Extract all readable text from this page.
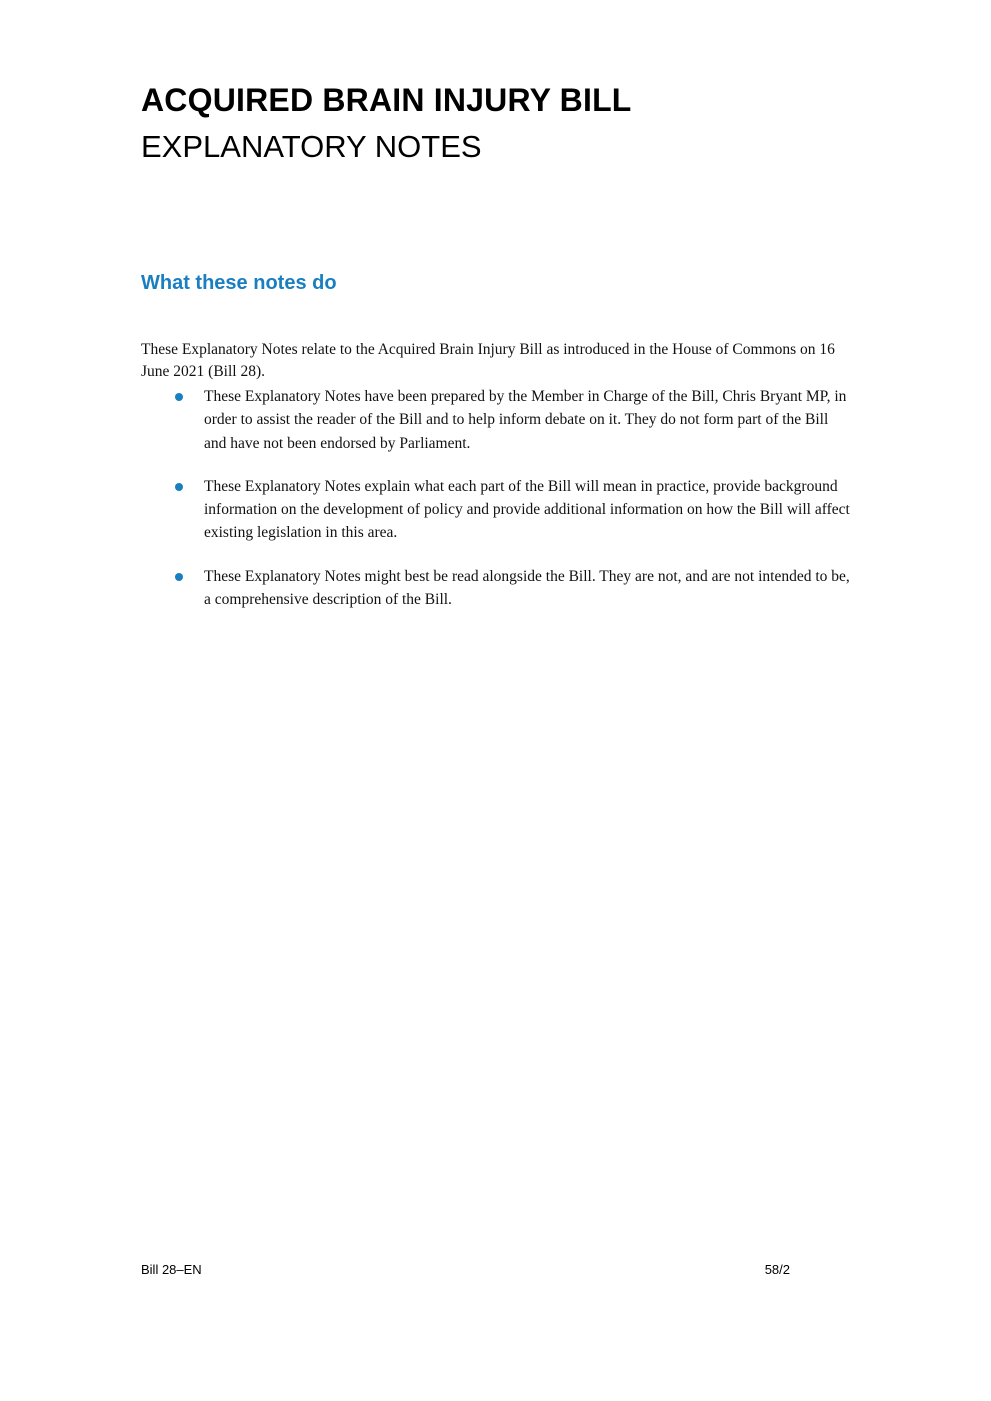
ACQUIRED BRAIN INJURY BILL
EXPLANATORY NOTES
What these notes do

These Explanatory Notes relate to the Acquired Brain Injury Bill as introduced in the House of Commons on 16 June 2021 (Bill 28).

These Explanatory Notes have been prepared by the Member in Charge of the Bill, Chris Bryant MP, in order to assist the reader of the Bill and to help inform debate on it. They do not form part of the Bill and have not been endorsed by Parliament.
These Explanatory Notes explain what each part of the Bill will mean in practice, provide background information on the development of policy and provide additional information on how the Bill will affect existing legislation in this area.
These Explanatory Notes might best be read alongside the Bill. They are not, and are not intended to be, a comprehensive description of the Bill.
Bill 28–EN	58/2
